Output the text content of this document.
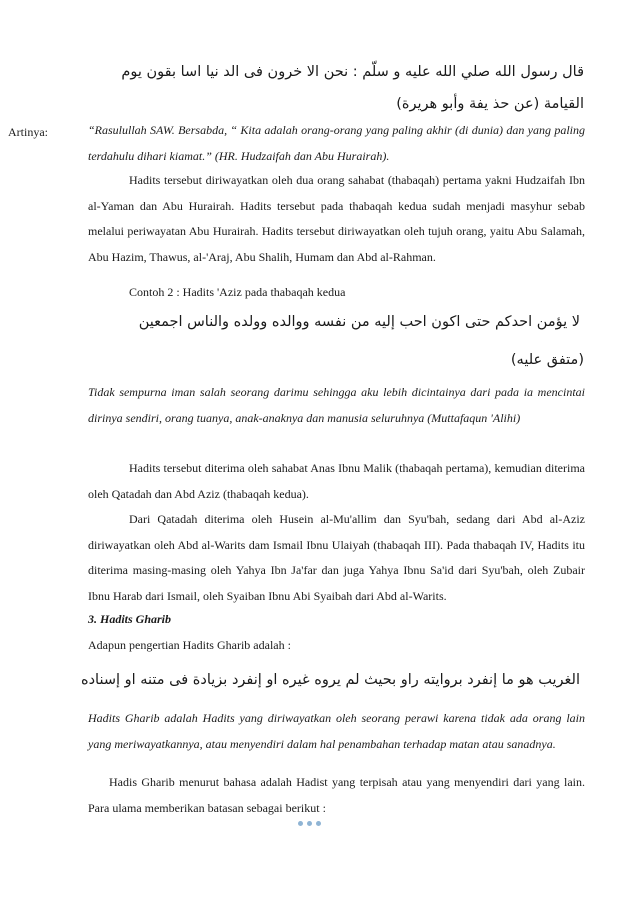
قال رسول الله صلي الله عليه و سلّم : نحن الا خرون فى الد نيا اسا بقون يوم
القيامة (عن حذ يفة وأبو هريرة)
Artinya:	“Rasulullah SAW. Bersabda, “ Kita adalah orang-orang yang paling akhir (di dunia) dan yang paling terdahulu dihari kiamat.” (HR. Hudzaifah dan Abu Hurairah).

Hadits tersebut diriwayatkan oleh dua orang sahabat (thabaqah) pertama yakni Hudzaifah Ibn al-Yaman dan Abu Hurairah. Hadits tersebut pada thabaqah kedua sudah menjadi masyhur sebab melalui periwayatan Abu Hurairah. Hadits tersebut diriwayatkan oleh tujuh orang, yaitu Abu Salamah, Abu Hazim, Thawus, al-'Araj, Abu Shalih, Humam dan Abd al-Rahman.

Contoh 2 : Hadits 'Aziz pada thabaqah kedua
لا يؤمن احدكم حتى اكون احب إليه من نفسه ووالده وولده والناس اجمعين
(متفق عليه)

Tidak sempurna iman salah seorang darimu sehingga aku lebih dicintainya dari pada ia mencintai dirinya sendiri, orang tuanya, anak-anaknya dan manusia seluruhnya (Muttafaqun 'Alihi)

Hadits tersebut diterima oleh sahabat Anas Ibnu Malik (thabaqah pertama), kemudian diterima oleh Qatadah dan Abd Aziz (thabaqah kedua).

Dari Qatadah diterima oleh Husein al-Mu'allim dan Syu'bah, sedang dari Abd al-Aziz diriwayatkan oleh Abd al-Warits dam Ismail Ibnu Ulaiyah (thabaqah III). Pada thabaqah IV, Hadits itu diterima masing-masing oleh Yahya Ibn Ja'far dan juga Yahya Ibnu Sa'id dari Syu'bah, oleh Zubair Ibnu Harab dari Ismail, oleh Syaiban Ibnu Abi Syaibah dari Abd al-Warits.

3. Hadits Gharib
Adapun pengertian Hadits Gharib adalah :
الغريب هو ما إنفرد بروايته راو بحيث لم يروه غيره او إنفرد بزيادة فى متنه او إسناده

Hadits Gharib adalah Hadits yang diriwayatkan oleh seorang perawi karena tidak ada orang lain yang meriwayatkannya, atau menyendiri dalam hal penambahan terhadap matan atau sanadnya.

Hadis Gharib menurut bahasa adalah Hadist yang terpisah atau yang menyendiri dari yang lain. Para ulama memberikan batasan sebagai berikut :
